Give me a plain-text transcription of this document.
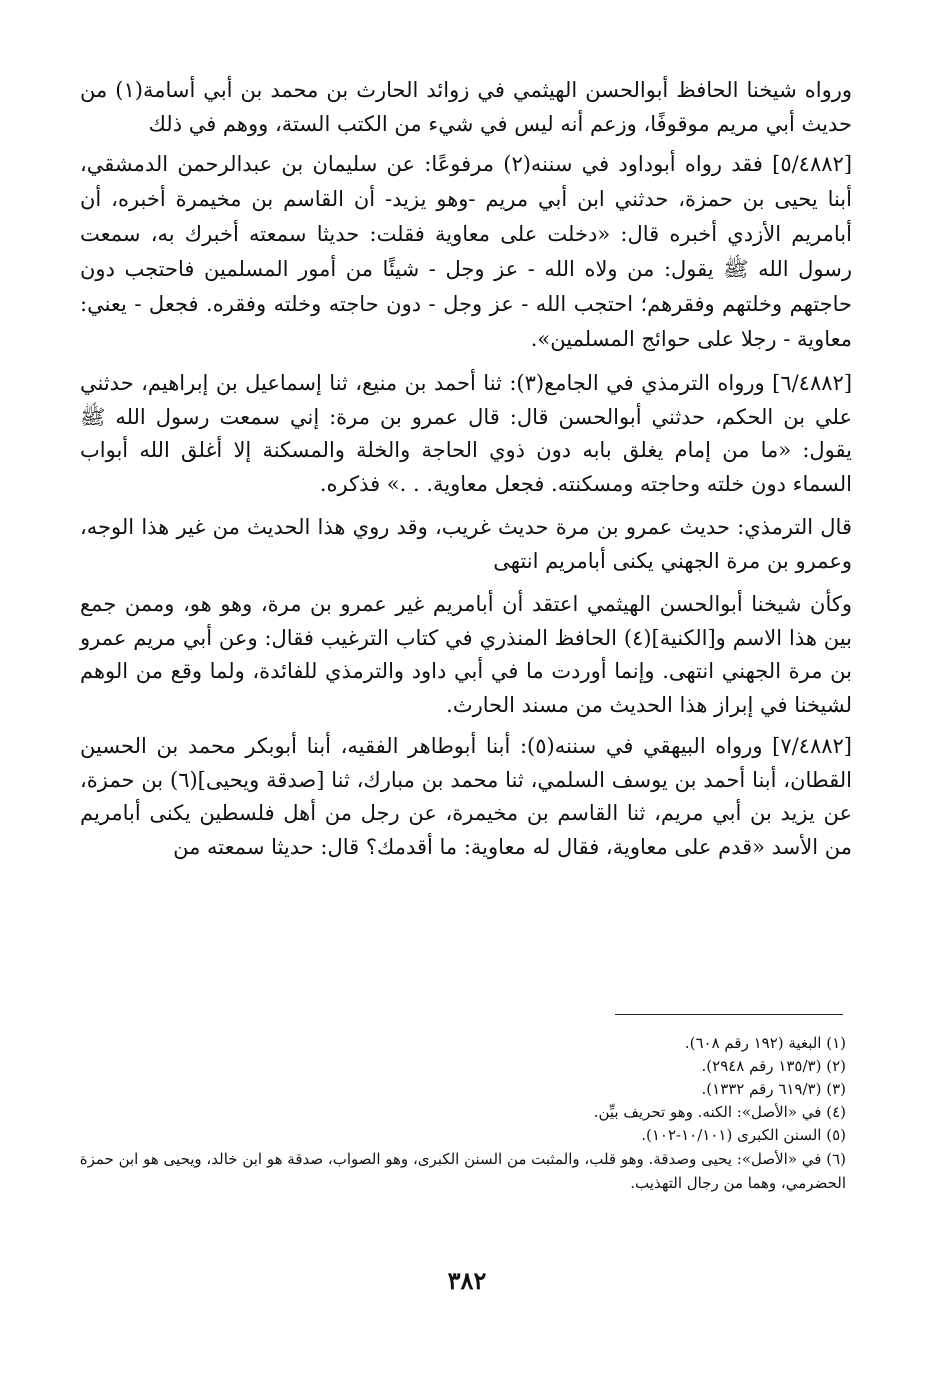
ورواه شيخنا الحافظ أبوالحسن الهيثمي في زوائد الحارث بن محمد بن أبي أسامة(١) من حديث أبي مريم موقوفًا، وزعم أنه ليس في شيء من الكتب الستة، ووهم في ذلك

[٥/٤٨٨٢] فقد رواه أبوداود في سننه(٢) مرفوعًا: عن سليمان بن عبدالرحمن الدمشقي، أبنا يحيى بن حمزة، حدثني ابن أبي مريم -وهو يزيد- أن القاسم بن مخيمرة أخبره، أن أبامريم الأزدي أخبره قال: «دخلت على معاوية فقلت: حديثا سمعته أخبرك به، سمعت رسول الله ﷺ يقول: من ولاه الله - عز وجل - شيئًا من أمور المسلمين فاحتجب دون حاجتهم وخلتهم وفقرهم؛ احتجب الله - عز وجل - دون حاجته وخلته وفقره. فجعل - يعني: معاوية - رجلا على حوائج المسلمين».

[٦/٤٨٨٢] ورواه الترمذي في الجامع(٣): ثنا أحمد بن منيع، ثنا إسماعيل بن إبراهيم، حدثني علي بن الحكم، حدثني أبوالحسن قال: قال عمرو بن مرة: إني سمعت رسول الله ﷺ يقول: «ما من إمام يغلق بابه دون ذوي الحاجة والخلة والمسكنة إلا أغلق الله أبواب السماء دون خلته وحاجته ومسكنته. فجعل معاوية. . .» فذكره.

قال الترمذي: حديث عمرو بن مرة حديث غريب، وقد روي هذا الحديث من غير هذا الوجه، وعمرو بن مرة الجهني يكنى أبامريم انتهى

وكأن شيخنا أبوالحسن الهيثمي اعتقد أن أبامريم غير عمرو بن مرة، وهو هو، وممن جمع بين هذا الاسم و[الكنية](٤) الحافظ المنذري في كتاب الترغيب فقال: وعن أبي مريم عمرو بن مرة الجهني انتهى. وإنما أوردت ما في أبي داود والترمذي للفائدة، ولما وقع من الوهم لشيخنا في إبراز هذا الحديث من مسند الحارث.

[٧/٤٨٨٢] ورواه البيهقي في سننه(٥): أبنا أبوطاهر الفقيه، أبنا أبوبكر محمد بن الحسين القطان، أبنا أحمد بن يوسف السلمي، ثنا محمد بن مبارك، ثنا [صدقة ويحيى](٦) بن حمزة، عن يزيد بن أبي مريم، ثنا القاسم بن مخيمرة، عن رجل من أهل فلسطين يكنى أبامريم من الأسد «قدم على معاوية، فقال له معاوية: ما أقدمك؟ قال: حديثا سمعته من

(١) البغية (١٩٢ رقم ٦٠٨).

(٢) (١٣٥/٣ رقم ٢٩٤٨).

(٣) (٦١٩/٣ رقم ١٣٣٢).

(٤) في «الأصل»: الكنه. وهو تحريف بيِّن.

(٥) السنن الكبرى (١٠/١٠١-١٠٢).

(٦) في «الأصل»: يحيى وصدقة. وهو قلب، والمثبت من السنن الكبرى، وهو الصواب، صدقة هو ابن خالد، ويحيى هو ابن حمزة الحضرمي، وهما من رجال التهذيب.

٣٨٢
